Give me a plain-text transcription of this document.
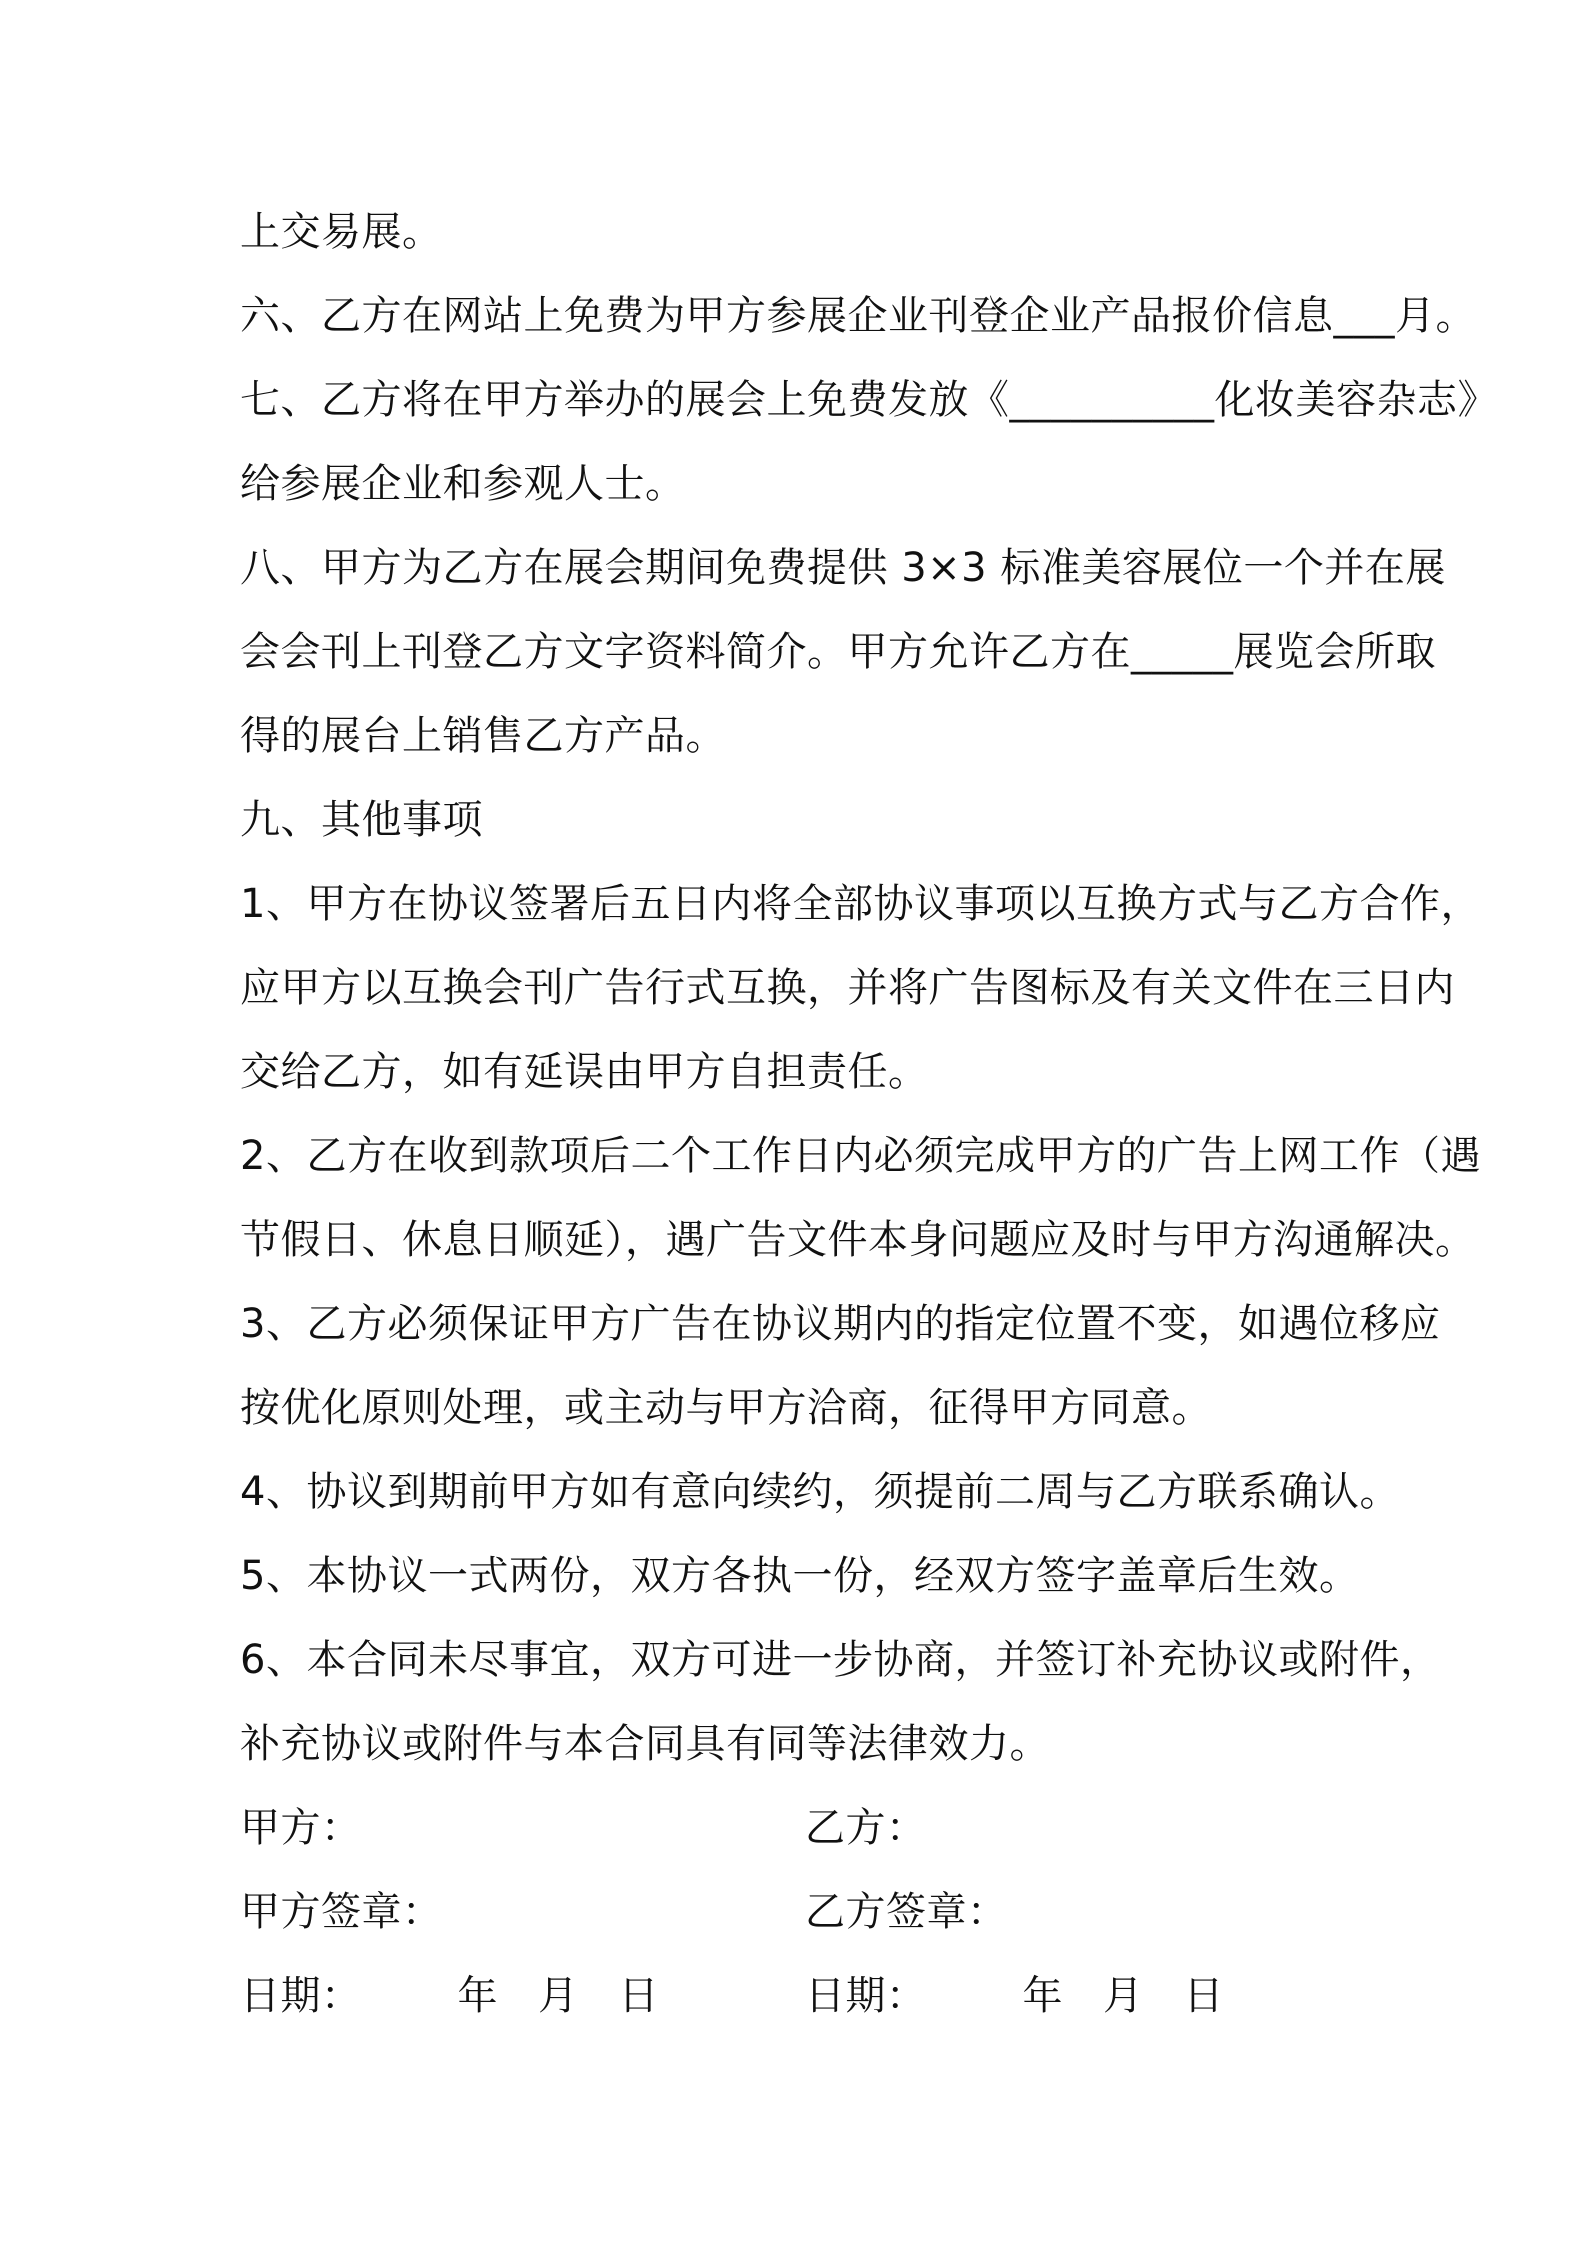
上交易展。
六、乙方在网站上免费为甲方参展企业刊登企业产品报价信息___月。
七、乙方将在甲方举办的展会上免费发放《__________化妆美容杂志》
给参展企业和参观人士。
八、甲方为乙方在展会期间免费提供 3×3 标准美容展位一个并在展
会会刊上刊登乙方文字资料简介。甲方允许乙方在_____展览会所取
得的展台上销售乙方产品。
九、其他事项
1、甲方在协议签署后五日内将全部协议事项以互换方式与乙方合作，
应甲方以互换会刊广告行式互换，并将广告图标及有关文件在三日内
交给乙方，如有延误由甲方自担责任。
2、乙方在收到款项后二个工作日内必须完成甲方的广告上网工作（遇
节假日、休息日顺延），遇广告文件本身问题应及时与甲方沟通解决。
3、乙方必须保证甲方广告在协议期内的指定位置不变，如遇位移应
按优化原则处理，或主动与甲方洽商，征得甲方同意。
4、协议到期前甲方如有意向续约，须提前二周与乙方联系确认。
5、本协议一式两份，双方各执一份，经双方签字盖章后生效。
6、本合同未尽事宜，双方可进一步协商，并签订补充协议或附件，
补充协议或附件与本合同具有同等法律效力。
甲方：	乙方：
甲方签章：	乙方签章：
日期： 年 月 日	日期： 年 月 日
